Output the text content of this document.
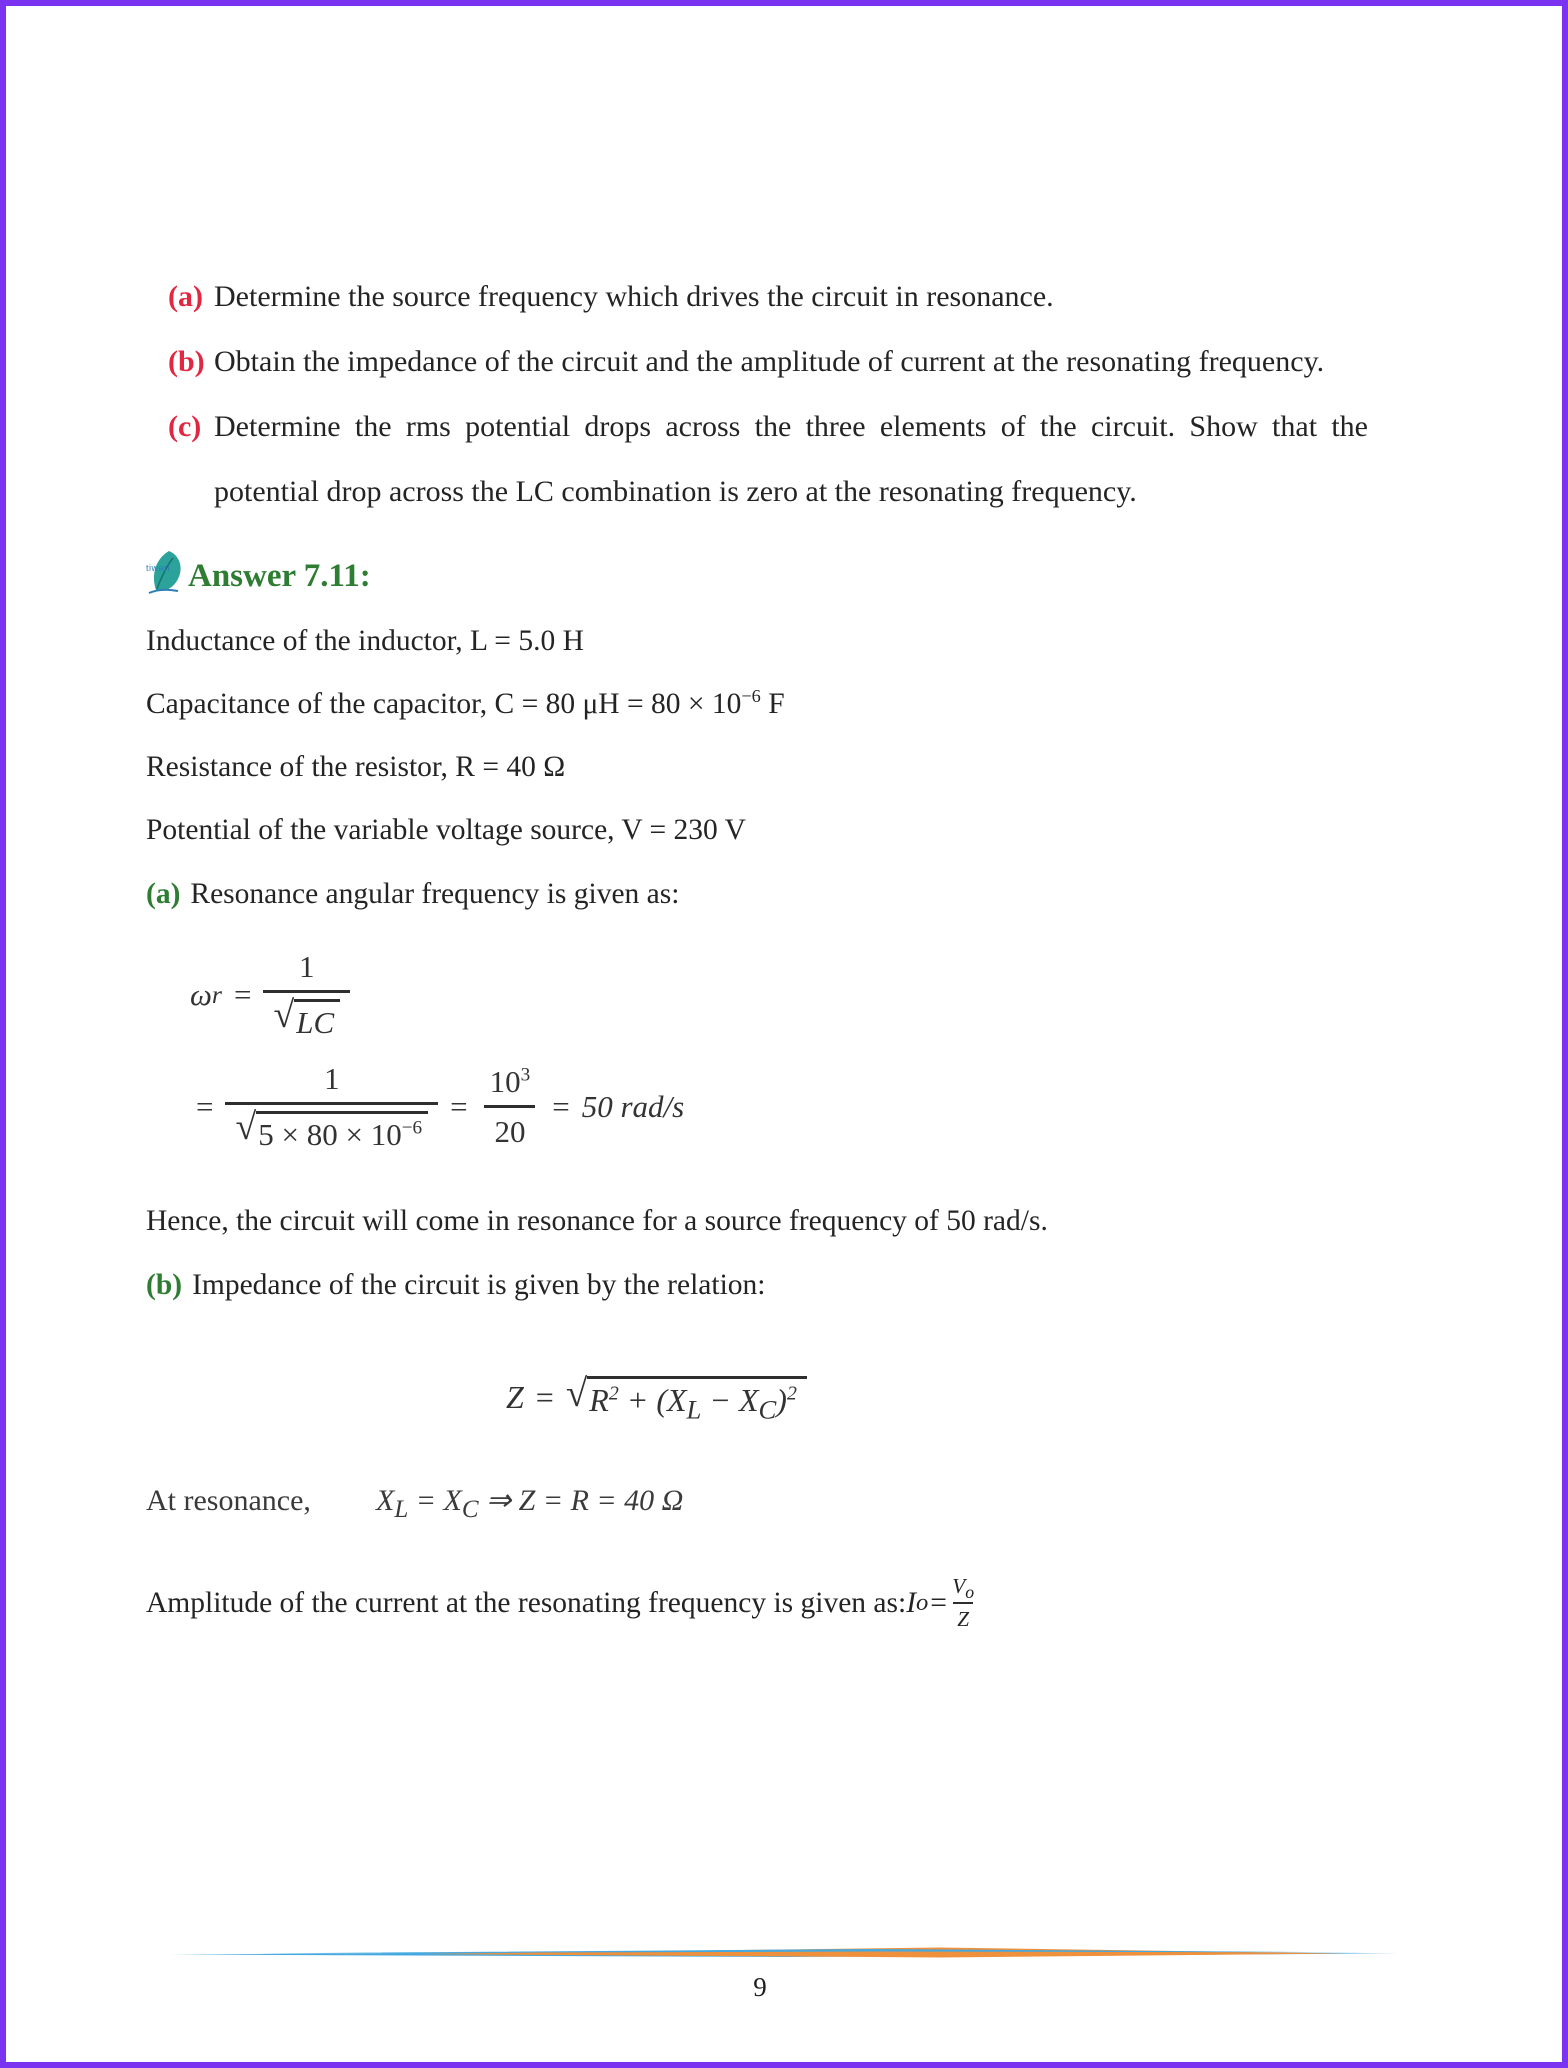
(a) Determine the source frequency which drives the circuit in resonance.
(b) Obtain the impedance of the circuit and the amplitude of current at the resonating frequency.
(c) Determine the rms potential drops across the three elements of the circuit. Show that the potential drop across the LC combination is zero at the resonating frequency.
tiwari Answer 7.11:
Inductance of the inductor, L = 5.0 H
Capacitance of the capacitor, C = 80 $\mu H = 80 \times 10^{-6}$ F
Resistance of the resistor, R = 40 Ω
Potential of the variable voltage source, V = 230 V
(a) Resonance angular frequency is given as:
ω $r = \frac{1}{√ LC}$
= $\frac{1}{√ 5 \times 80 \times 10^{-6}} = \frac{10^3}{20} = 50$ rad/s
Hence, the circuit will come in resonance for a source frequency of 50 rad/s.
(b) Impedance of the circuit is given by the relation:
Z = √ $R^2 + (X_L - X_C)^2$
At resonance, $X_L = X_C$ ⇒ Z = R = 40 Ω
Amplitude of the current at the resonating frequency is given as: I $o = \frac{V_o}{Z}$
9
